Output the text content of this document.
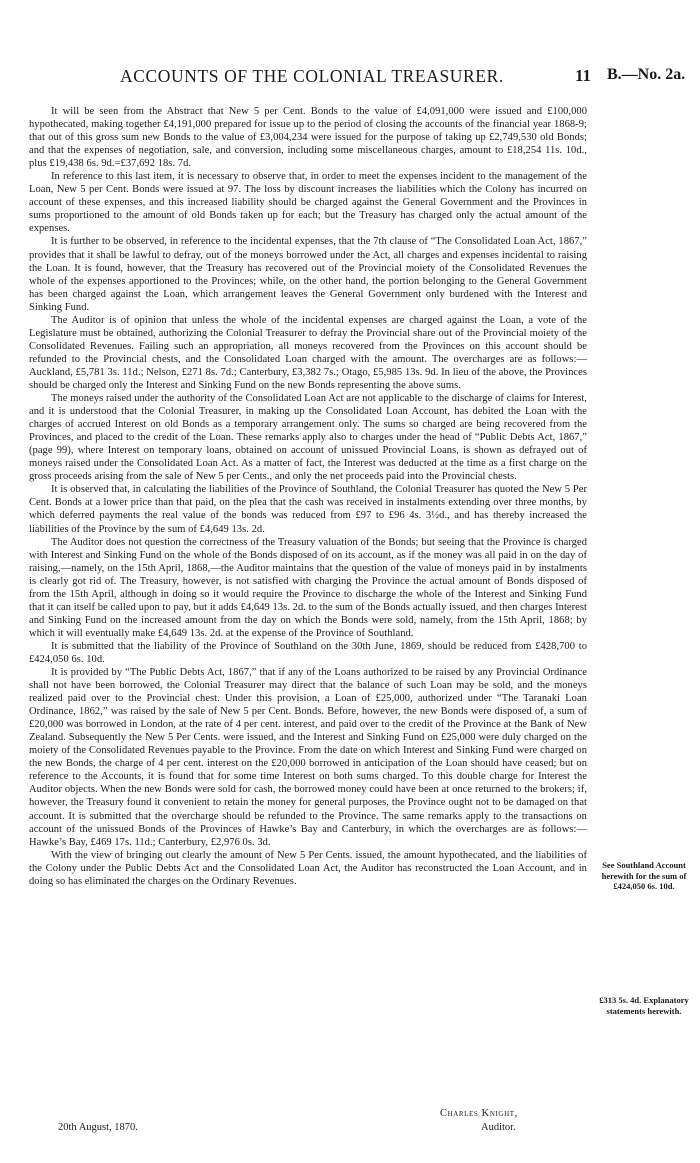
ACCOUNTS OF THE COLONIAL TREASURER.	11 B.—No. 2a.

It will be seen from the Abstract that New 5 per Cent. Bonds to the value of £4,091,000 were issued and £100,000 hypothecated, making together £4,191,000 prepared for issue up to the period of closing the accounts of the financial year 1868-9; that out of this gross sum new Bonds to the value of £3,004,234 were issued for the purpose of taking up £2,749,530 old Bonds; and that the expenses of negotiation, sale, and conversion, including some miscellaneous charges, amount to £18,254 11s. 10d., plus £19,438 6s. 9d.=£37,692 18s. 7d.

In reference to this last item, it is necessary to observe that, in order to meet the expenses incident to the management of the Loan, New 5 per Cent. Bonds were issued at 97. The loss by discount increases the liabilities which the Colony has incurred on account of these expenses, and this increased liability should be charged against the General Government and the Provinces in sums proportioned to the amount of old Bonds taken up for each; but the Treasury has charged only the actual amount of the expenses.

It is further to be observed, in reference to the incidental expenses, that the 7th clause of “The Consolidated Loan Act, 1867,” provides that it shall be lawful to defray, out of the moneys borrowed under the Act, all charges and expenses incidental to raising the Loan. It is found, however, that the Treasury has recovered out of the Provincial moiety of the Consolidated Revenues the whole of the expenses apportioned to the Provinces; while, on the other hand, the portion belonging to the General Government has been charged against the Loan, which arrangement leaves the General Government only burdened with the Interest and Sinking Fund.

The Auditor is of opinion that unless the whole of the incidental expenses are charged against the Loan, a vote of the Legislature must be obtained, authorizing the Colonial Treasurer to defray the Provincial share out of the Provincial moiety of the Consolidated Revenues. Failing such an appropriation, all moneys recovered from the Provinces on this account should be refunded to the Provincial chests, and the Consolidated Loan charged with the amount. The overcharges are as follows:—Auckland, £5,781 3s. 11d.; Nelson, £271 8s. 7d.; Canterbury, £3,382 7s.; Otago, £5,985 13s. 9d. In lieu of the above, the Provinces should be charged only the Interest and Sinking Fund on the new Bonds representing the above sums.

The moneys raised under the authority of the Consolidated Loan Act are not applicable to the discharge of claims for Interest, and it is understood that the Colonial Treasurer, in making up the Consolidated Loan Account, has debited the Loan with the charges of accrued Interest on old Bonds as a temporary arrangement only. The sums so charged are being recovered from the Provinces, and placed to the credit of the Loan. These remarks apply also to charges under the head of “Public Debts Act, 1867,” (page 99), where Interest on temporary loans, obtained on account of unissued Provincial Loans, is shown as defrayed out of moneys raised under the Consolidated Loan Act. As a matter of fact, the Interest was deducted at the time as a first charge on the gross proceeds arising from the sale of New 5 per Cents., and only the net proceeds paid into the Provincial chests.

It is observed that, in calculating the liabilities of the Province of Southland, the Colonial Treasurer has quoted the New 5 Per Cent. Bonds at a lower price than that paid, on the plea that the cash was received in instalments extending over three months, by which deferred payments the real value of the bonds was reduced from £97 to £96 4s. 3½d., and has thereby increased the liabilities of the Province by the sum of £4,649 13s. 2d.

The Auditor does not question the correctness of the Treasury valuation of the Bonds; but seeing that the Province is charged with Interest and Sinking Fund on the whole of the Bonds disposed of on its account, as if the money was all paid in on the day of raising,—namely, on the 15th April, 1868,—the Auditor maintains that the question of the value of moneys paid in by instalments is clearly got rid of. The Treasury, however, is not satisfied with charging the Province the actual amount of Bonds disposed of from the 15th April, although in doing so it would require the Province to discharge the whole of the Interest and Sinking Fund that it can itself be called upon to pay, but it adds £4,649 13s. 2d. to the sum of the Bonds actually issued, and then charges Interest and Sinking Fund on the increased amount from the day on which the Bonds were sold, namely, from the 15th April, 1868; by which it will eventually make £4,649 13s. 2d. at the expense of the Province of Southland.

It is submitted that the liability of the Province of Southland on the 30th June, 1869, should be reduced from £428,700 to £424,050 6s. 10d.

It is provided by “The Public Debts Act, 1867,” that if any of the Loans authorized to be raised by any Provincial Ordinance shall not have been borrowed, the Colonial Treasurer may direct that the balance of such Loan may be sold, and the moneys realized paid over to the Provincial chest. Under this provision, a Loan of £25,000, authorized under “The Taranaki Loan Ordinance, 1862,” was raised by the sale of New 5 per Cent. Bonds. Before, however, the new Bonds were disposed of, a sum of £20,000 was borrowed in London, at the rate of 4 per cent. interest, and paid over to the credit of the Province at the Bank of New Zealand. Subsequently the New 5 Per Cents. were issued, and the Interest and Sinking Fund on £25,000 were duly charged on the moiety of the Consolidated Revenues payable to the Province. From the date on which Interest and Sinking Fund were charged on the new Bonds, the charge of 4 per cent. interest on the £20,000 borrowed in anticipation of the Loan should have ceased; but on reference to the Accounts, it is found that for some time Interest on both sums charged. To this double charge for Interest the Auditor objects. When the new Bonds were sold for cash, the borrowed money could have been at once returned to the brokers; if, however, the Treasury found it convenient to retain the money for general purposes, the Province ought not to be damaged on that account. It is submitted that the overcharge should be refunded to the Province. The same remarks apply to the transactions on account of the unissued Bonds of the Provinces of Hawke’s Bay and Canterbury, in which the overcharges are as follows:—Hawke’s Bay, £469 17s. 11d.; Canterbury, £2,976 0s. 3d.

With the view of bringing out clearly the amount of New 5 Per Cents. issued, the amount hypothecated, and the liabilities of the Colony under the Public Debts Act and the Consolidated Loan Act, the Auditor has reconstructed the Loan Account, and in doing so has eliminated the charges on the Ordinary Revenues.

See Southland Account herewith for the sum of £424,050 6s. 10d.
£313 5s. 4d. Explanatory statements herewith.
Charles Knight,
20th August, 1870.	Auditor.
